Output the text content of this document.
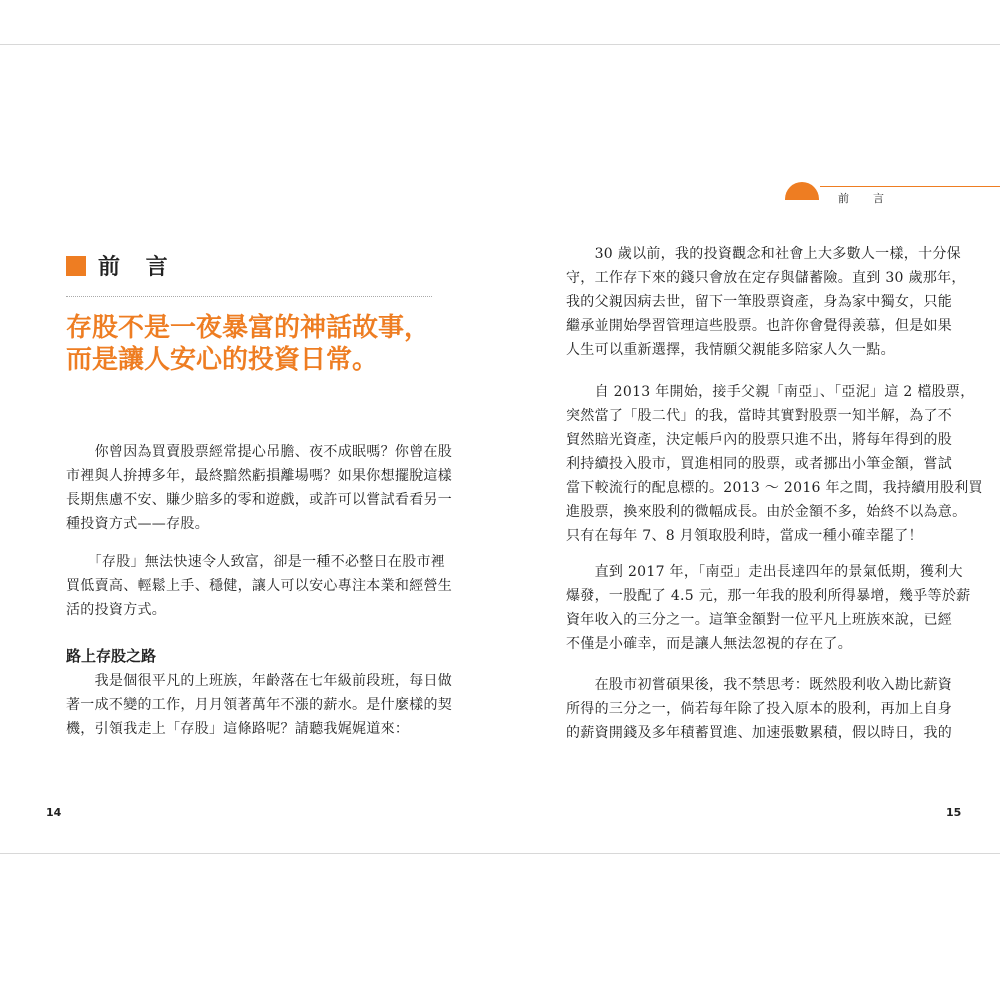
前 言
存股不是一夜暴富的神話故事，
而是讓人安心的投資日常。
　　你曾因為買賣股票經常提心吊膽、夜不成眠嗎？你曾在股
市裡與人拚搏多年，最終黯然虧損離場嗎？如果你想擺脫這樣
長期焦慮不安、賺少賠多的零和遊戲，或許可以嘗試看看另一
種投資方式——存股。
　　「存股」無法快速令人致富，卻是一種不必整日在股市裡
買低賣高、輕鬆上手、穩健，讓人可以安心專注本業和經營生
活的投資方式。
路上存股之路
　　我是個很平凡的上班族，年齡落在七年級前段班，每日做
著一成不變的工作，月月領著萬年不漲的薪水。是什麼樣的契
機，引領我走上「存股」這條路呢？請聽我娓娓道來：
14
前言
　　30 歲以前，我的投資觀念和社會上大多數人一樣，十分保
守，工作存下來的錢只會放在定存與儲蓄險。直到 30 歲那年，
我的父親因病去世，留下一筆股票資產，身為家中獨女，只能
繼承並開始學習管理這些股票。也許你會覺得羨慕，但是如果
人生可以重新選擇，我情願父親能多陪家人久一點。
　　自 2013 年開始，接手父親「南亞」、「亞泥」這 2 檔股票，
突然當了「股二代」的我，當時其實對股票一知半解，為了不
貿然賠光資產，決定帳戶內的股票只進不出，將每年得到的股
利持續投入股市，買進相同的股票，或者挪出小筆金額，嘗試
當下較流行的配息標的。2013 ～ 2016 年之間，我持續用股利買
進股票，換來股利的微幅成長。由於金額不多，始終不以為意。
只有在每年 7、8 月領取股利時，當成一種小確幸罷了！
　　直到 2017 年，「南亞」走出長達四年的景氣低期，獲利大
爆發，一股配了 4.5 元，那一年我的股利所得暴增，幾乎等於薪
資年收入的三分之一。這筆金額對一位平凡上班族來說，已經
不僅是小確幸，而是讓人無法忽視的存在了。
　　在股市初嘗碩果後，我不禁思考：既然股利收入勘比薪資
所得的三分之一，倘若每年除了投入原本的股利，再加上自身
的薪資開錢及多年積蓄買進、加速張數累積，假以時日，我的
15
